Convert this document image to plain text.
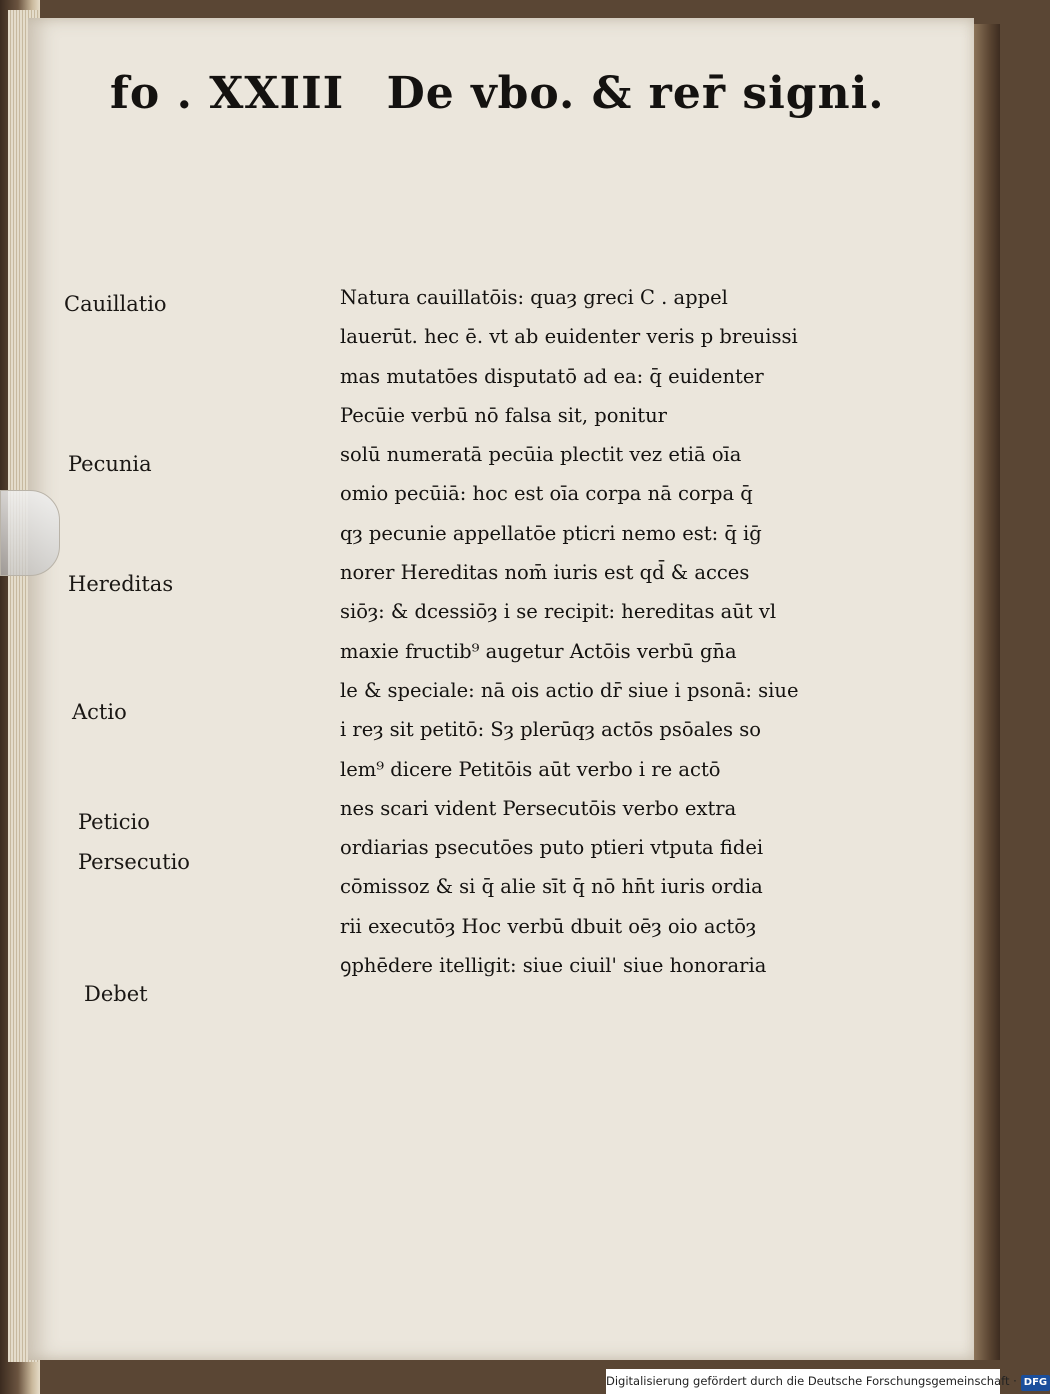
fo . XXIII De vbo. & rer̄ signi.
Cauillatio
Pecunia
Hereditas
Actio
Peticio
Persecutio
Debet
Natura cauillatōis: quaȝ greci C . appel
lauerūt. hec ē. vt ab euidenter veris p breuissi
mas mutatōes disputatō ad ea: q̄ euidenter
Pecūie verbū nō falsa sit, ponitur
solū numeratā pecūia plectit vez etiā oīa
omio pecūiā: hoc est oīa corpa nā corpa q̄
qȝ pecunie appellatōe pticri nemo est: q̄ iḡ
norer Hereditas nom̄ iuris est qd̄ & acces
siōȝ: & dcessiōȝ i se recipit: hereditas aūt vl
maxie fructib⁹ augetur Actōis verbū gn̄a
le & speciale: nā ois actio dr̄ siue i psonā: siue
i reȝ sit petitō: Sȝ plerūqȝ actōs psōales so
lem⁹ dicere Petitōis aūt verbo i re actō
nes scari vident Persecutōis verbo extra
ordiarias psecutōes puto ptieri vtputa fidei
cōmissoz & si q̄ alie sīt q̄ nō hn̄t iuris ordia
rii executōȝ Hoc verbū dbuit oēȝ oio actōȝ
ꝯphēdere itelligit: siue ciuil' siue honoraria
Digitalisierung gefördert durch die Deutsche Forschungsgemeinschaft · DFG
